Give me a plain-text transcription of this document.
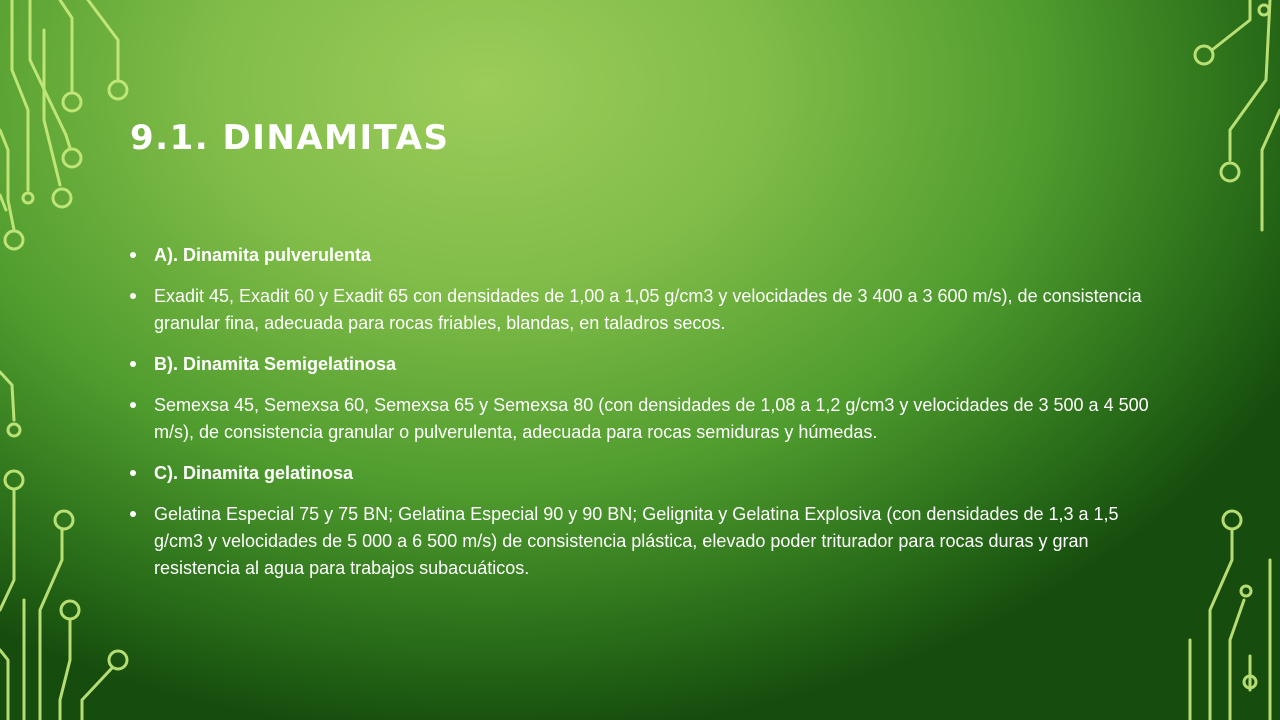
9.1. DINAMITAS
A). Dinamita pulverulenta
Exadit 45, Exadit 60 y Exadit 65 con densidades de 1,00 a 1,05 g/cm3 y velocidades de 3 400 a 3 600 m/s), de consistencia granular fina, adecuada para rocas friables, blandas, en taladros secos.
B). Dinamita Semigelatinosa
Semexsa 45, Semexsa 60, Semexsa 65 y Semexsa 80 (con densidades de 1,08 a 1,2 g/cm3 y velocidades de 3 500 a 4 500 m/s), de consistencia granular o pulverulenta, adecuada para rocas semiduras y húmedas.
C). Dinamita gelatinosa
Gelatina Especial 75 y 75 BN; Gelatina Especial 90 y 90 BN; Gelignita y Gelatina Explosiva (con densidades de 1,3 a 1,5 g/cm3 y velocidades de 5 000 a 6 500 m/s) de consistencia plástica, elevado poder triturador para rocas duras y gran resistencia al agua para trabajos subacuáticos.
